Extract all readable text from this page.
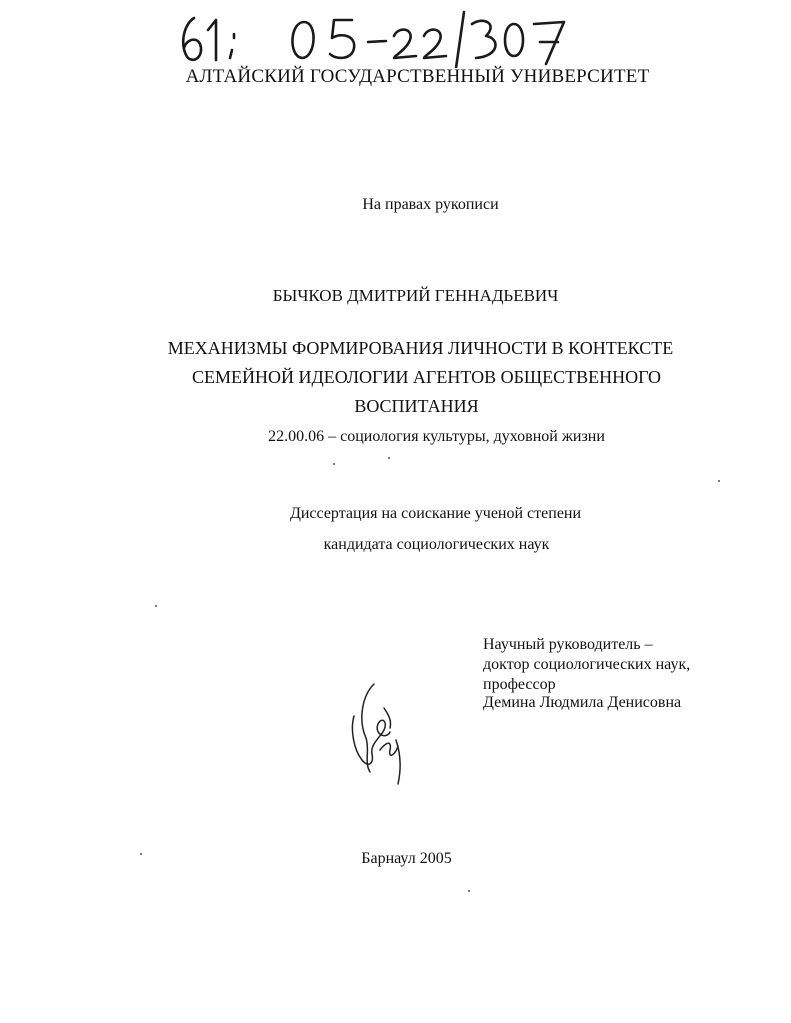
АЛТАЙСКИЙ ГОСУДАРСТВЕННЫЙ УНИВЕРСИТЕТ
На правах рукописи
БЫЧКОВ ДМИТРИЙ ГЕННАДЬЕВИЧ
МЕХАНИЗМЫ ФОРМИРОВАНИЯ ЛИЧНОСТИ В КОНТЕКСТЕ
СЕМЕЙНОЙ ИДЕОЛОГИИ АГЕНТОВ ОБЩЕСТВЕННОГО
ВОСПИТАНИЯ
22.00.06 – социология культуры, духовной жизни
Диссертация на соискание ученой степени
кандидата социологических наук
Научный руководитель –
доктор социологических наук,
профессор
Демина Людмила Денисовна
Барнаул 2005
